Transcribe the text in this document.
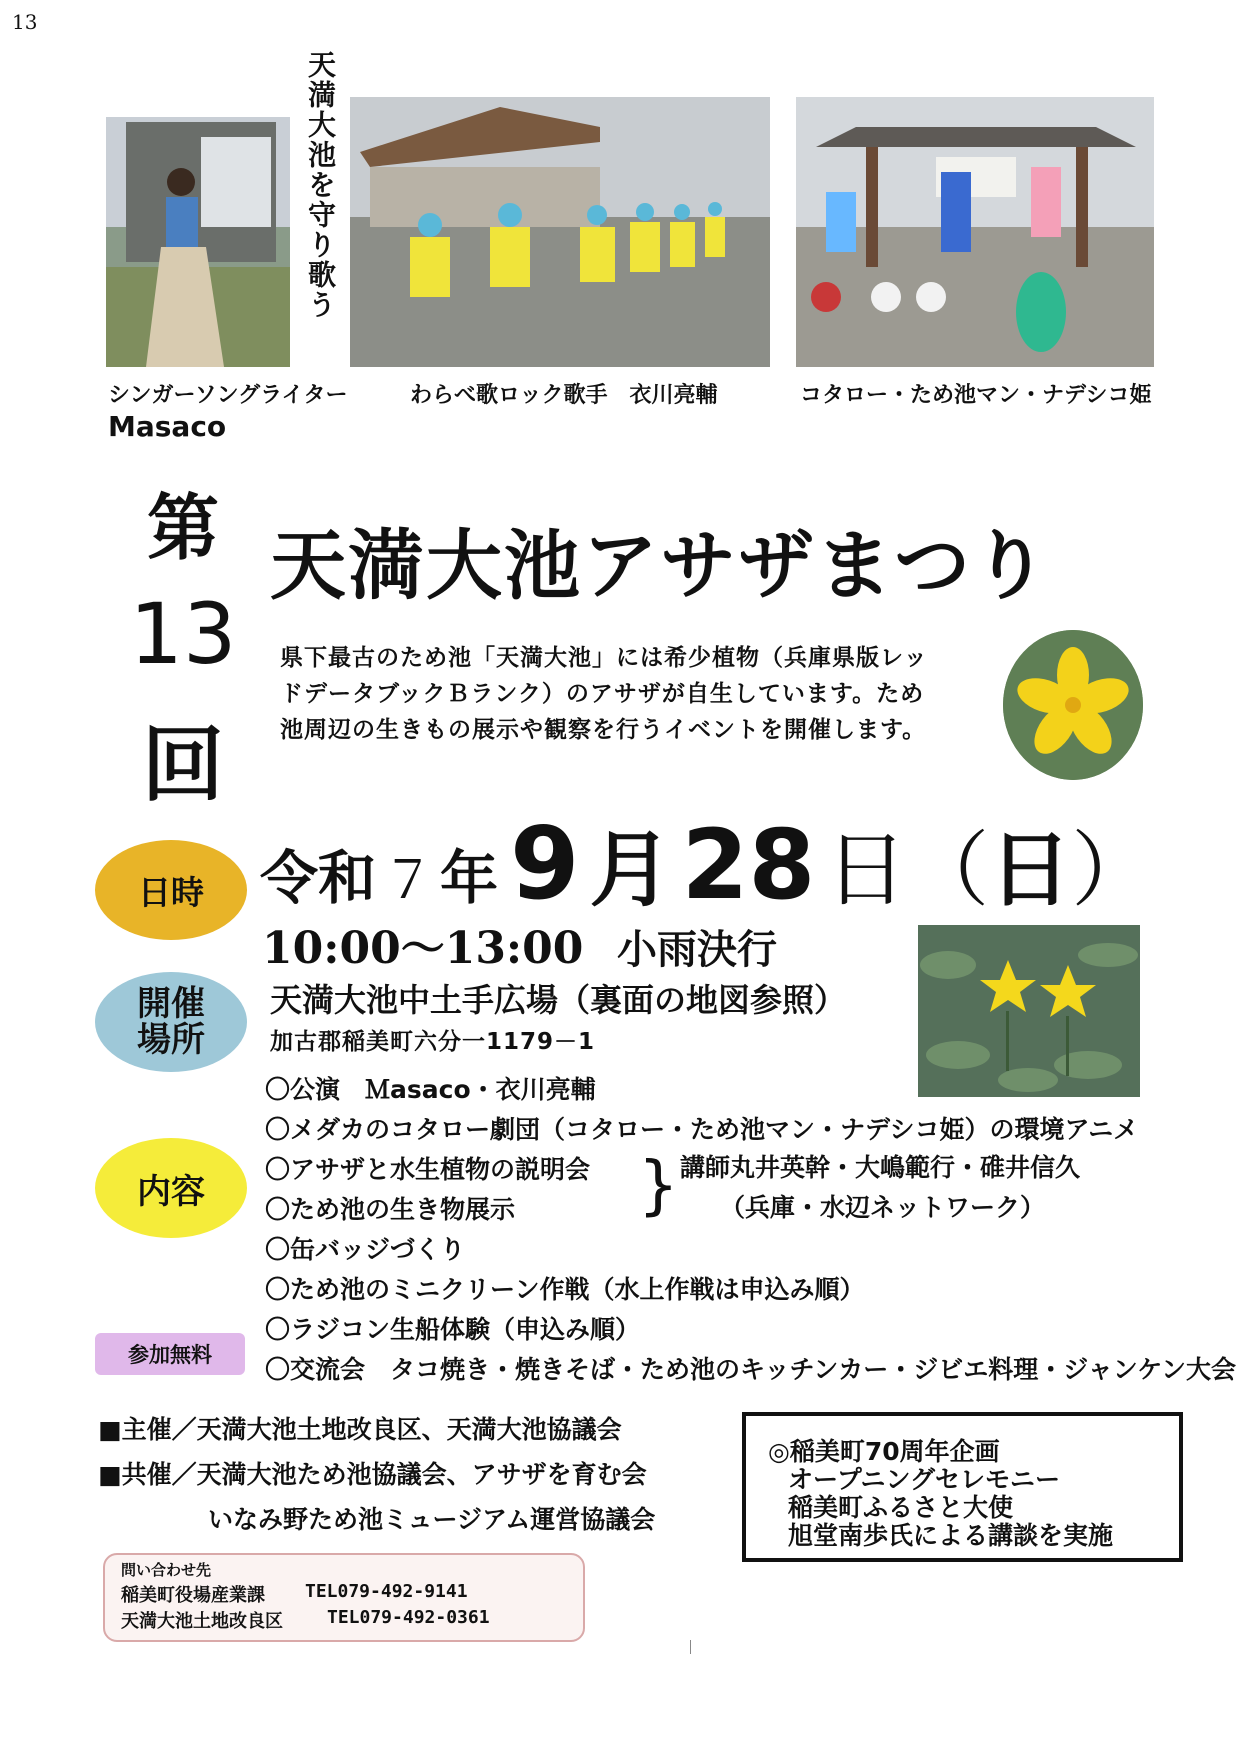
13
天満大池を守り歌う
シンガーソングライター
Masaco
わらべ歌ロック歌手　衣川亮輔	コタロー・ため池マン・ナデシコ姫
第
13
回
天満大池アサザまつり
県下最古のため池「天満大池」には希少植物（兵庫県版レッドデータブックＢランク）のアサザが自生しています。ため池周辺の生きもの展示や観察を行うイベントを開催します。
日時 令和 ７ 年 9 月 28 日（日）
10:00～13:00 小雨決行
開催
場所
天満大池中土手広場（裏面の地図参照）
加古郡稲美町六分一1179－1
内容
〇公演　Ｍasaco・衣川亮輔
〇メダカのコタロー劇団（コタロー・ため池マン・ナデシコ姫）の環境アニメ
〇アサザと水生植物の説明会
〇ため池の生き物展示
〇缶バッジづくり
〇ため池のミニクリーン作戦（水上作戦は申込み順）
〇ラジコン生船体験（申込み順）
〇交流会　タコ焼き・焼きそば・ため池のキッチンカー・ジビエ料理・ジャンケン大会
} 講師丸井英幹・大嶋範行・碓井信久
（兵庫・水辺ネットワーク）
参加無料
■主催／天満大池土地改良区、天満大池協議会
■共催／天満大池ため池協議会、アサザを育む会
いなみ野ため池ミュージアム運営協議会
◎稲美町70周年企画
オープニングセレモニー
稲美町ふるさと大使
旭堂南歩氏による講談を実施
問い合わせ先
稲美町役場産業課 TEL079-492-9141
天満大池土地改良区 TEL079-492-0361
